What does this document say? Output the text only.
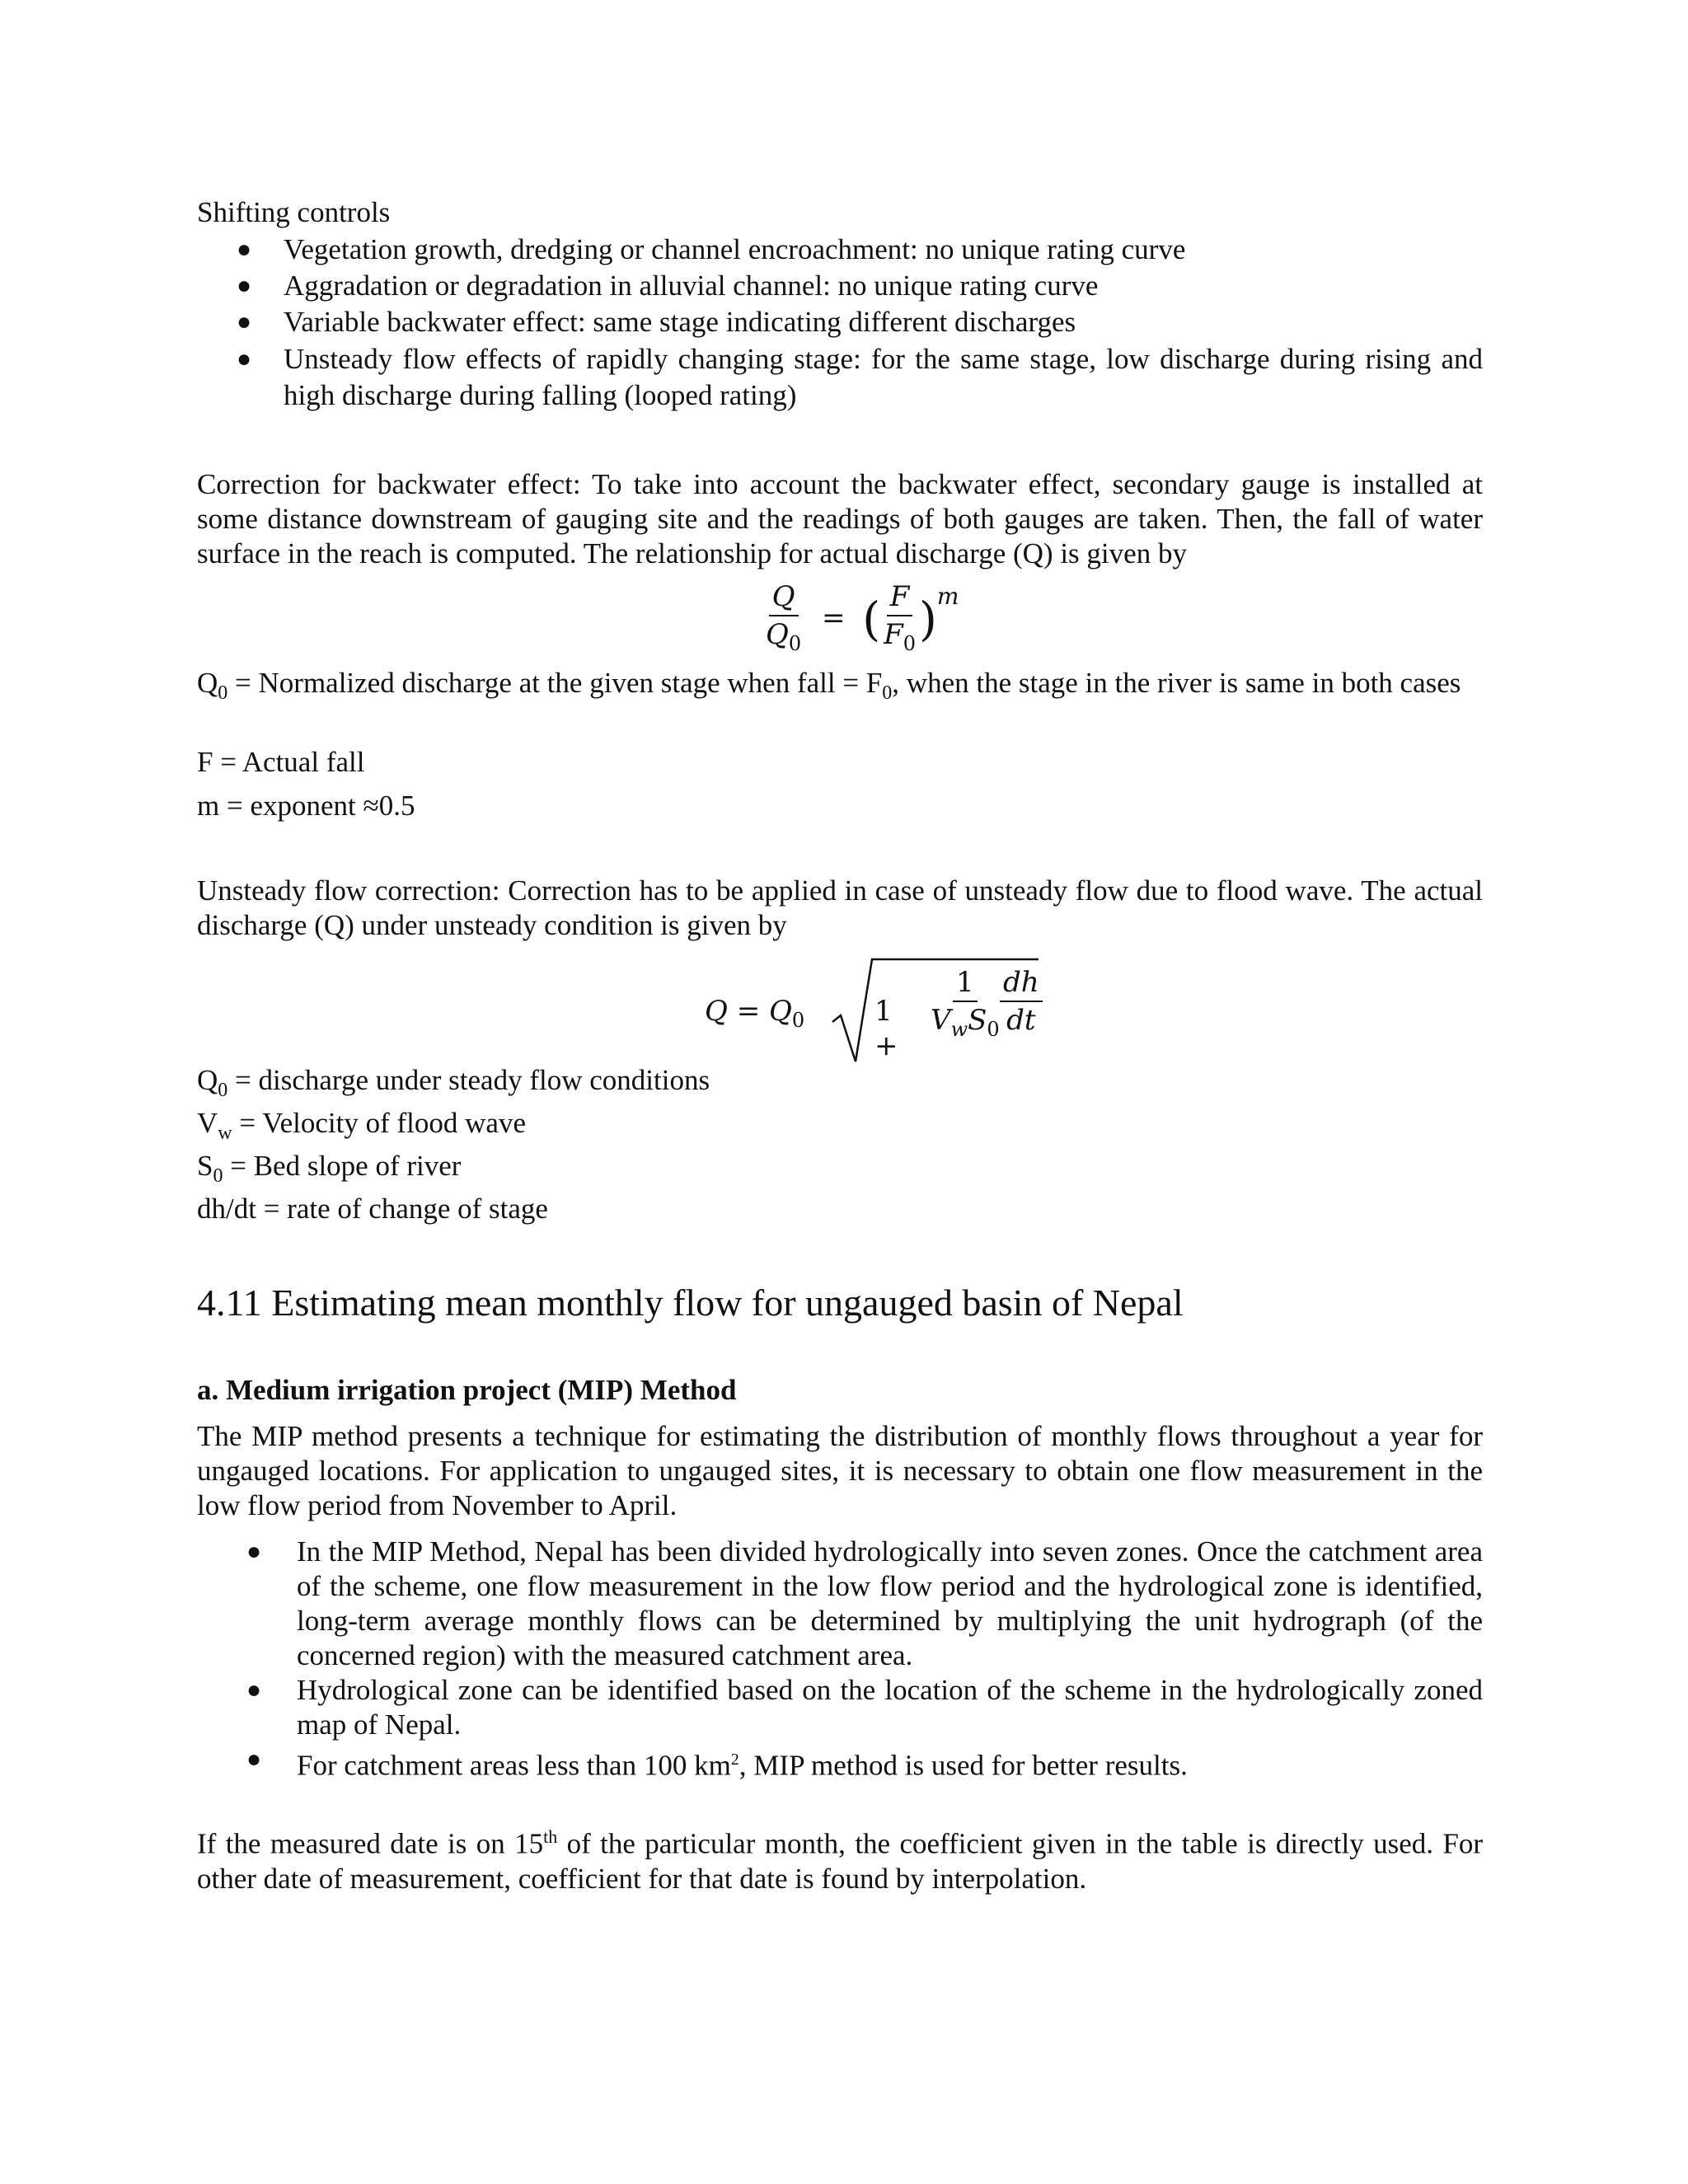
Shifting controls

● Vegetation growth, dredging or channel encroachment: no unique rating curve
● Aggradation or degradation in alluvial channel: no unique rating curve
● Variable backwater effect: same stage indicating different discharges
● Unsteady flow effects of rapidly changing stage: for the same stage, low discharge during rising and high discharge during falling (looped rating)

Correction for backwater effect: To take into account the backwater effect, secondary gauge is installed at some distance downstream of gauging site and the readings of both gauges are taken. Then, the fall of water surface in the reach is computed. The relationship for actual discharge (Q) is given by

$\frac{Q}{Q_0}$ = ( $\frac{F}{F_0} )^m$

$Q_0$ = Normalized discharge at the given stage when fall = $F_0$, when the stage in the river is same in both cases

F = Actual fall

m = exponent ≈0.5

Unsteady flow correction: Correction has to be applied in case of unsteady flow due to flood wave. The actual discharge (Q) under unsteady condition is given by

$Q = Q_0$ 1 +
1
$V_wS_0 \frac{dh}{dt}$

$Q_0$ = discharge under steady flow conditions

$V_w$ = Velocity of flood wave

$S_0$ = Bed slope of river

dh/dt = rate of change of stage

4.11 Estimating mean monthly flow for ungauged basin of Nepal
a. Medium irrigation project (MIP) Method

The MIP method presents a technique for estimating the distribution of monthly flows throughout a year for ungauged locations. For application to ungauged sites, it is necessary to obtain one flow measurement in the low flow period from November to April.

● In the MIP Method, Nepal has been divided hydrologically into seven zones. Once the catchment area of the scheme, one flow measurement in the low flow period and the hydrological zone is identified, long-term average monthly flows can be determined by multiplying the unit hydrograph (of the concerned region) with the measured catchment area.
● Hydrological zone can be identified based on the location of the scheme in the hydrologically zoned map of Nepal.
● For catchment areas less than 100 $km^2$, MIP method is used for better results.

If the measured date is on 15th of the particular month, the coefficient given in the table is directly used. For other date of measurement, coefficient for that date is found by interpolation.
